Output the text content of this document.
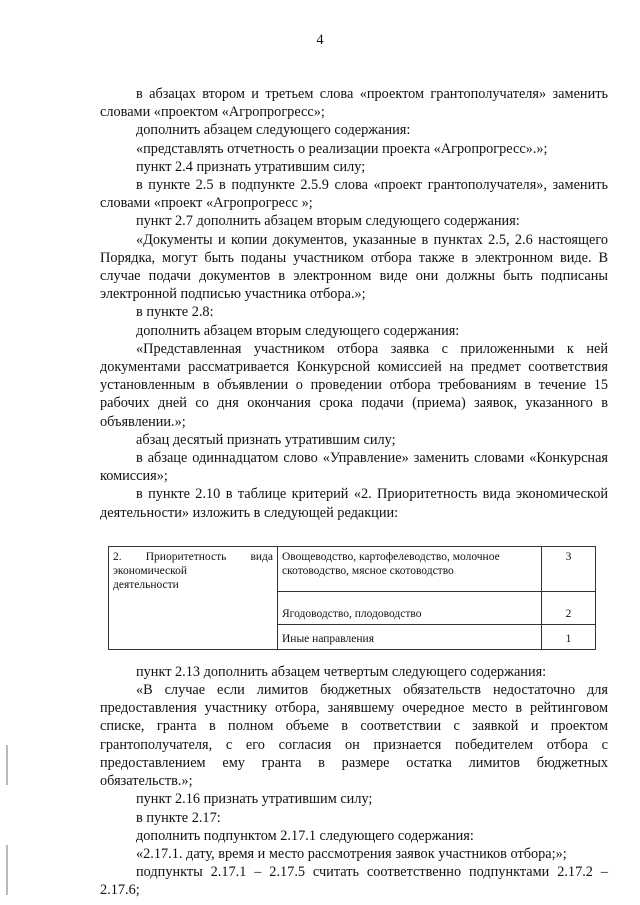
4

в абзацах втором и третьем слова «проектом грантополучателя» заменить словами «проектом «Агропрогресс»;

дополнить абзацем следующего содержания:

«представлять отчетность о реализации проекта «Агропрогресс».»;

пункт 2.4 признать утратившим силу;

в пункте 2.5 в подпункте 2.5.9 слова «проект грантополучателя», заменить словами «проект «Агропрогресс »;

пункт 2.7 дополнить абзацем вторым следующего содержания:

«Документы и копии документов, указанные в пунктах 2.5, 2.6 настоящего Порядка, могут быть поданы участником отбора также в электронном виде. В случае подачи документов в электронном виде они должны быть подписаны электронной подписью участника отбора.»;

в пункте 2.8:

дополнить абзацем вторым следующего содержания:

«Представленная участником отбора заявка с приложенными к ней документами рассматривается Конкурсной комиссией на предмет соответствия установленным в объявлении о проведении отбора требованиям в течение 15 рабочих дней со дня окончания срока подачи (приема) заявок, указанного в объявлении.»;

абзац десятый признать утратившим силу;

в абзаце одиннадцатом слово «Управление» заменить словами «Конкурсная комиссия»;

в пункте 2.10 в таблице критерий «2. Приоритетность вида экономической деятельности» изложить в следующей редакции:

2. Приоритетность вида
экономической
деятельности	Овощеводство, картофелеводство, молочное скотоводство, мясное скотоводство	3
	Ягодоводство, плодоводство	2
	Иные направления	1

пункт 2.13 дополнить абзацем четвертым следующего содержания:

«В случае если лимитов бюджетных обязательств недостаточно для предоставления участнику отбора, занявшему очередное место в рейтинговом списке, гранта в полном объеме в соответствии с заявкой и проектом грантополучателя, с его согласия он признается победителем отбора с предоставлением ему гранта в размере остатка лимитов бюджетных обязательств.»;

пункт 2.16 признать утратившим силу;

в пункте 2.17:

дополнить подпунктом 2.17.1 следующего содержания:

«2.17.1. дату, время и место рассмотрения заявок участников отбора;»;

подпункты 2.17.1 – 2.17.5 считать соответственно подпунктами 2.17.2 – 2.17.6;
